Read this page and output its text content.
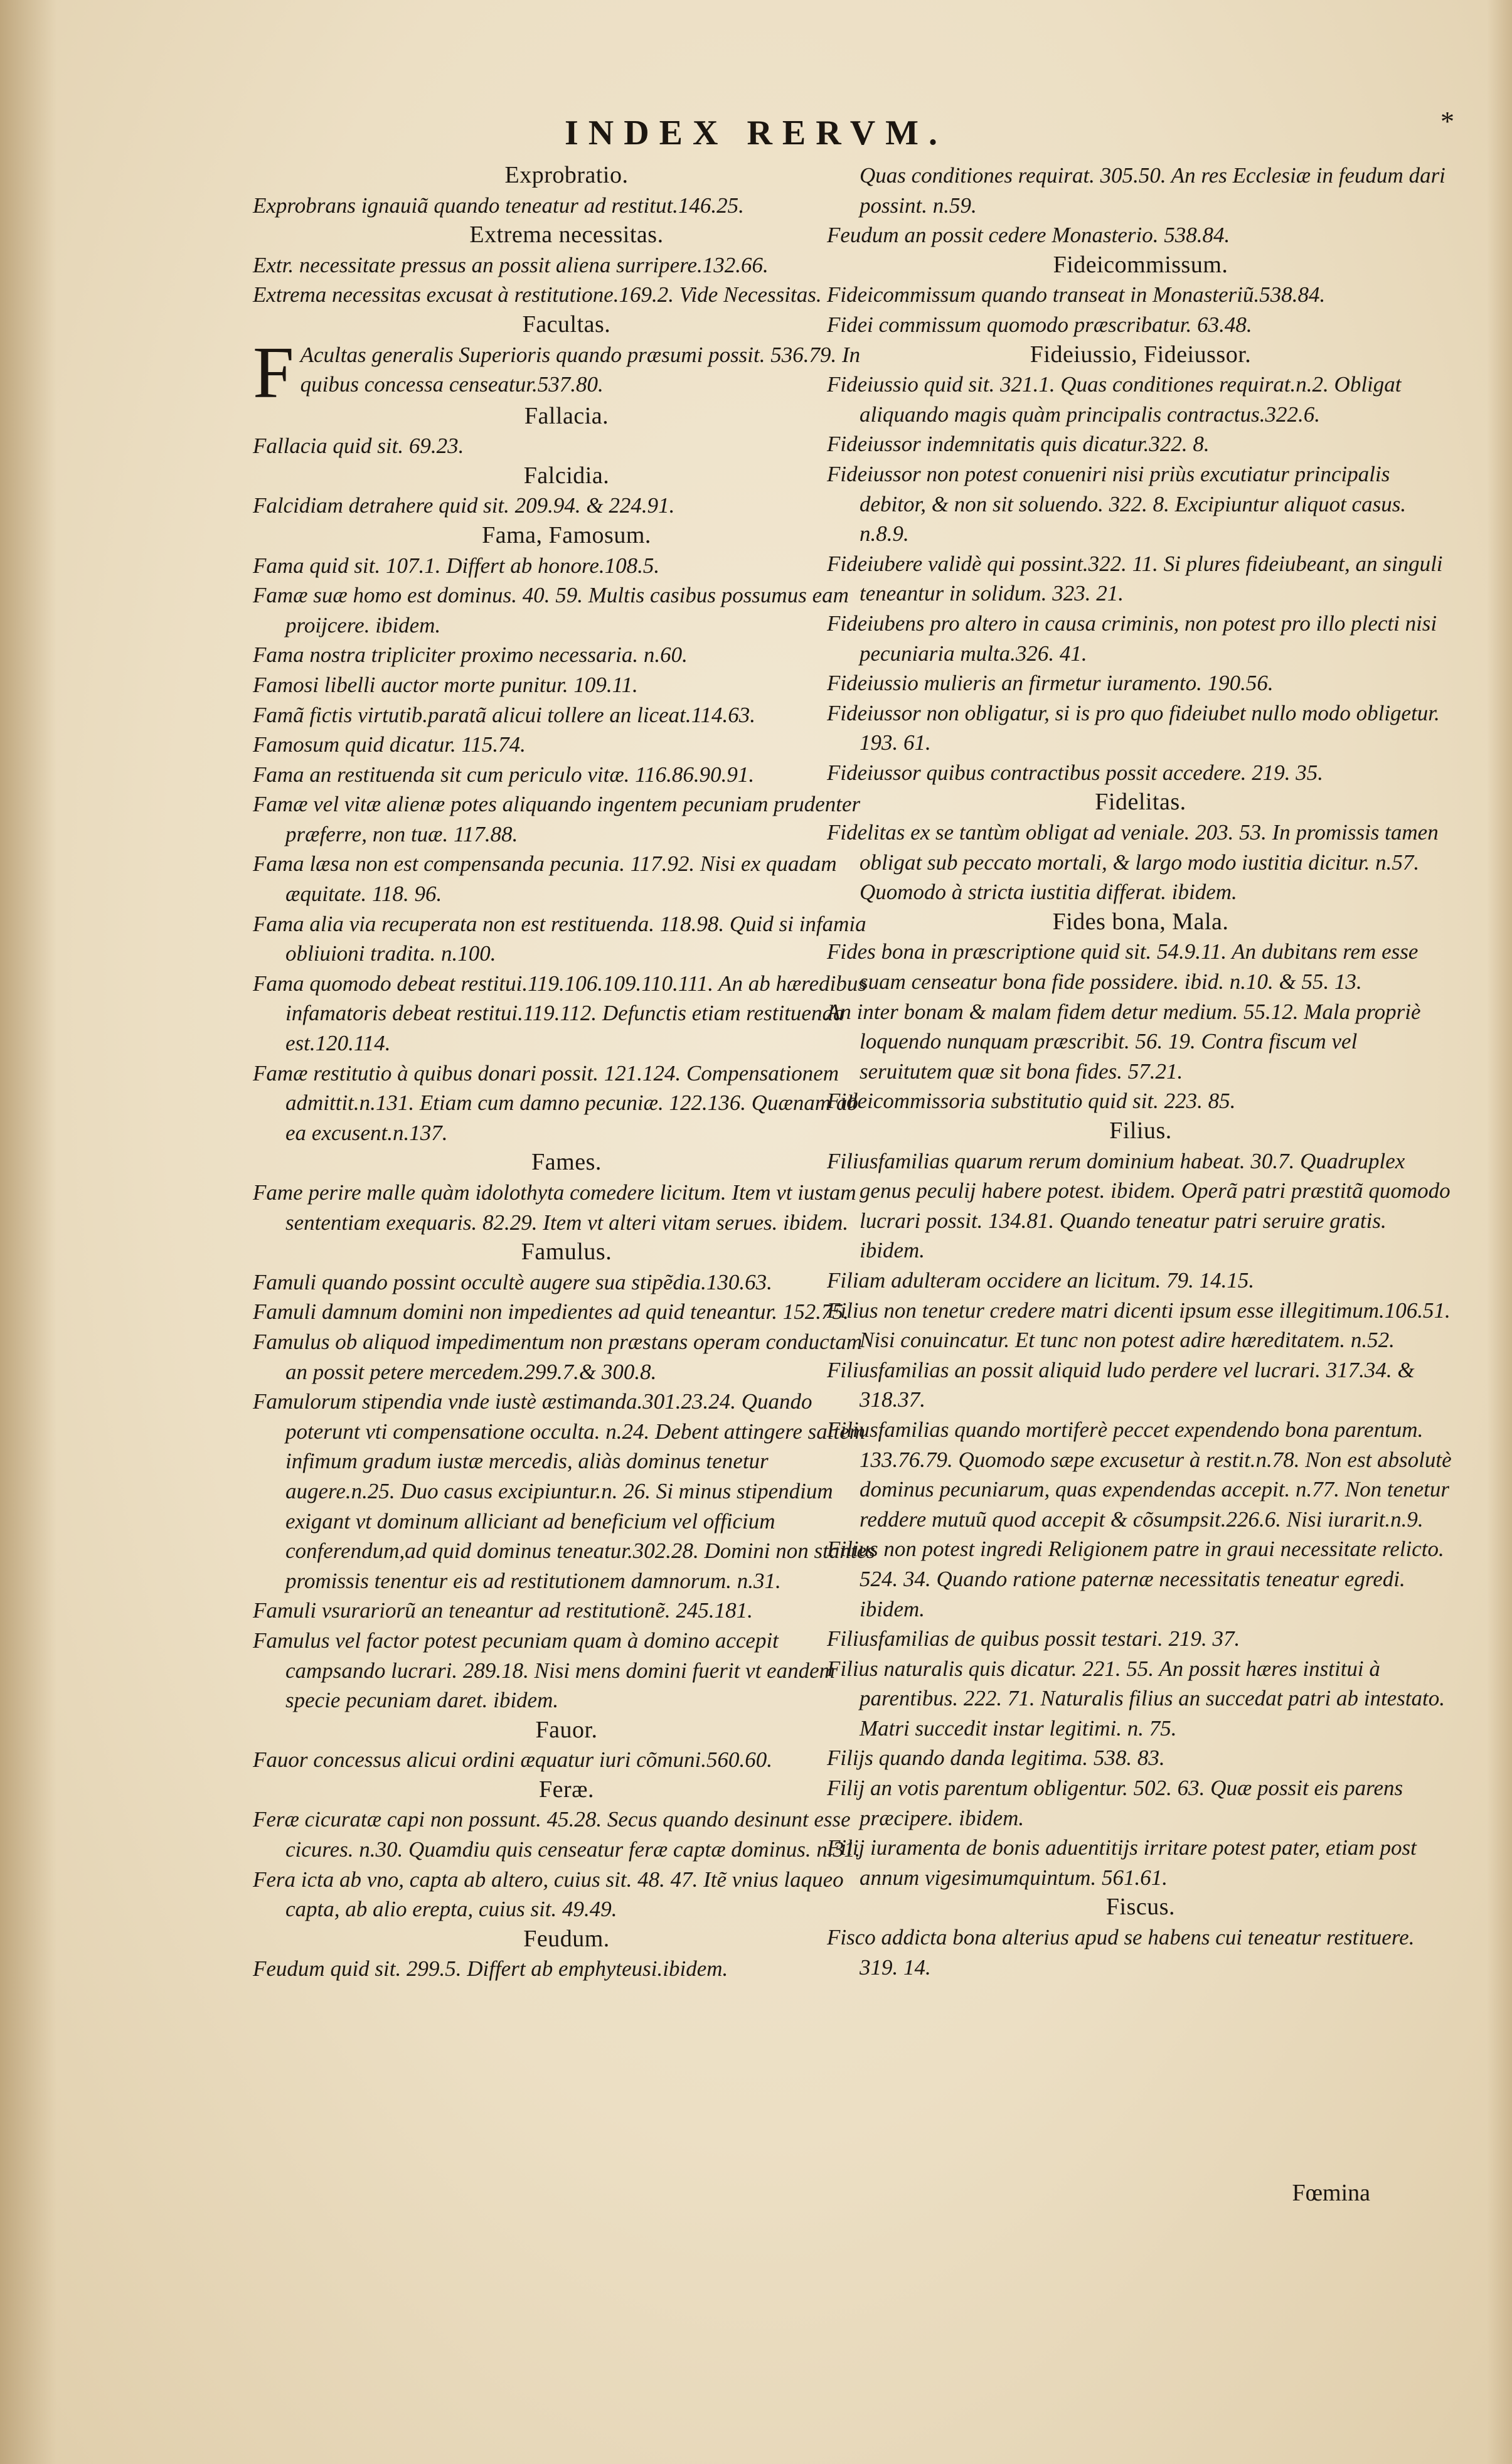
INDEX RERVM.	*
Exprobratio.
Exprobrans ignauiã quando teneatur ad restitut.146.25.
Extrema necessitas.
Extr. necessitate pressus an possit aliena surripere.132.66.
Extrema necessitas excusat à restitutione.169.2. Vide Necessitas.
Facultas.
F Acultas generalis Superioris quando præsumi possit. 536.79. In quibus concessa censeatur.537.80.
Fallacia.
Fallacia quid sit. 69.23.
Falcidia.
Falcidiam detrahere quid sit. 209.94. & 224.91.
Fama, Famosum.
Fama quid sit. 107.1. Differt ab honore.108.5.
Famæ suæ homo est dominus. 40. 59. Multis casibus possumus eam proijcere. ibidem.
Fama nostra tripliciter proximo necessaria. n.60.
Famosi libelli auctor morte punitur. 109.11.
Famã fictis virtutib.paratã alicui tollere an liceat.114.63.
Famosum quid dicatur. 115.74.
Fama an restituenda sit cum periculo vitæ. 116.86.90.91.
Famæ vel vitæ alienæ potes aliquando ingentem pecuniam prudenter præferre, non tuæ. 117.88.
Fama læsa non est compensanda pecunia. 117.92. Nisi ex quadam æquitate. 118. 96.
Fama alia via recuperata non est restituenda. 118.98. Quid si infamia obliuioni tradita. n.100.
Fama quomodo debeat restitui.119.106.109.110.111. An ab hæredibus infamatoris debeat restitui.119.112. Defunctis etiam restituenda est.120.114.
Famæ restitutio à quibus donari possit. 121.124. Compensationem admittit.n.131. Etiam cum damno pecuniæ. 122.136. Quænam ab ea excusent.n.137.
Fames.
Fame perire malle quàm idolothyta comedere licitum. Item vt iustam sententiam exequaris. 82.29. Item vt alteri vitam serues. ibidem.
Famulus.
Famuli quando possint occultè augere sua stipẽdia.130.63.
Famuli damnum domini non impedientes ad quid teneantur. 152.75.
Famulus ob aliquod impedimentum non præstans operam conductam an possit petere mercedem.299.7.& 300.8.
Famulorum stipendia vnde iustè æstimanda.301.23.24. Quando poterunt vti compensatione occulta. n.24. Debent attingere saltem infimum gradum iustæ mercedis, aliàs dominus tenetur augere.n.25. Duo casus excipiuntur.n. 26. Si minus stipendium exigant vt dominum alliciant ad beneficium vel officium conferendum,ad quid dominus teneatur.302.28. Domini non stantes promissis tenentur eis ad restitutionem damnorum. n.31.
Famuli vsurariorũ an teneantur ad restitutionẽ. 245.181.
Famulus vel factor potest pecuniam quam à domino accepit campsando lucrari. 289.18. Nisi mens domini fuerit vt eandem specie pecuniam daret. ibidem.
Fauor.
Fauor concessus alicui ordini æquatur iuri cõmuni.560.60.
Feræ.
Feræ cicuratæ capi non possunt. 45.28. Secus quando desinunt esse cicures. n.30. Quamdiu quis censeatur feræ captæ dominus. n.31.
Fera icta ab vno, capta ab altero, cuius sit. 48. 47. Itẽ vnius laqueo capta, ab alio erepta, cuius sit. 49.49.
Feudum.
Feudum quid sit. 299.5. Differt ab emphyteusi.ibidem.
Quas conditiones requirat. 305.50. An res Ecclesiæ in feudum dari possint. n.59.
Feudum an possit cedere Monasterio. 538.84.
Fideicommissum.
Fideicommissum quando transeat in Monasteriũ.538.84.
Fidei commissum quomodo præscribatur. 63.48.
Fideiussio, Fideiussor.
Fideiussio quid sit. 321.1. Quas conditiones requirat.n.2. Obligat aliquando magis quàm principalis contractus.322.6.
Fideiussor indemnitatis quis dicatur.322. 8.
Fideiussor non potest conueniri nisi priùs excutiatur principalis debitor, & non sit soluendo. 322. 8. Excipiuntur aliquot casus. n.8.9.
Fideiubere validè qui possint.322. 11. Si plures fideiubeant, an singuli teneantur in solidum. 323. 21.
Fideiubens pro altero in causa criminis, non potest pro illo plecti nisi pecuniaria multa.326. 41.
Fideiussio mulieris an firmetur iuramento. 190.56.
Fideiussor non obligatur, si is pro quo fideiubet nullo modo obligetur. 193. 61.
Fideiussor quibus contractibus possit accedere. 219. 35.
Fidelitas.
Fidelitas ex se tantùm obligat ad veniale. 203. 53. In promissis tamen obligat sub peccato mortali, & largo modo iustitia dicitur. n.57. Quomodo à stricta iustitia differat. ibidem.
Fides bona, Mala.
Fides bona in præscriptione quid sit. 54.9.11. An dubitans rem esse suam censeatur bona fide possidere. ibid. n.10. & 55. 13.
An inter bonam & malam fidem detur medium. 55.12. Mala propriè loquendo nunquam præscribit. 56. 19. Contra fiscum vel seruitutem quæ sit bona fides. 57.21.
Fideicommissoria substitutio quid sit. 223. 85.
Filius.
Filiusfamilias quarum rerum dominium habeat. 30.7. Quadruplex genus peculij habere potest. ibidem. Operã patri præstitã quomodo lucrari possit. 134.81. Quando teneatur patri seruire gratis. ibidem.
Filiam adulteram occidere an licitum. 79. 14.15.
Filius non tenetur credere matri dicenti ipsum esse illegitimum.106.51. Nisi conuincatur. Et tunc non potest adire hæreditatem. n.52.
Filiusfamilias an possit aliquid ludo perdere vel lucrari. 317.34. & 318.37.
Filiusfamilias quando mortiferè peccet expendendo bona parentum. 133.76.79. Quomodo sæpe excusetur à restit.n.78. Non est absolutè dominus pecuniarum, quas expendendas accepit. n.77. Non tenetur reddere mutuũ quod accepit & cõsumpsit.226.6. Nisi iurarit.n.9.
Filius non potest ingredi Religionem patre in graui necessitate relicto. 524. 34. Quando ratione paternæ necessitatis teneatur egredi. ibidem.
Filiusfamilias de quibus possit testari. 219. 37.
Filius naturalis quis dicatur. 221. 55. An possit hæres institui à parentibus. 222. 71. Naturalis filius an succedat patri ab intestato. Matri succedit instar legitimi. n. 75.
Filijs quando danda legitima. 538. 83.
Filij an votis parentum obligentur. 502. 63. Quæ possit eis parens præcipere. ibidem.
Filij iuramenta de bonis aduentitijs irritare potest pater, etiam post annum vigesimumquintum. 561.61.
Fiscus.
Fisco addicta bona alterius apud se habens cui teneatur restituere. 319. 14.
Fœmina
